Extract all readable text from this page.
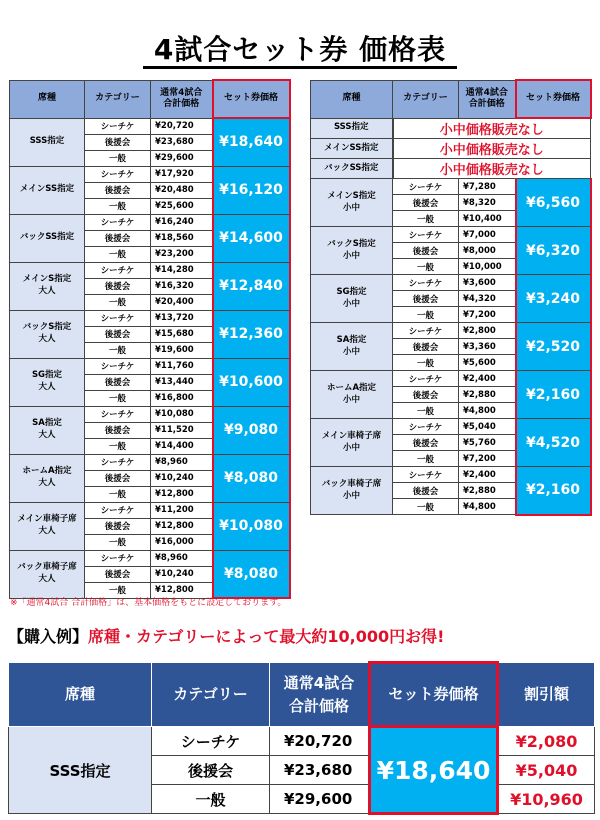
4試合セット券 価格表
席種	カテゴリー	通常4試合
合計価格	セット券価格
SSS指定	シーチケ	¥20,720	¥18,640
	後援会	¥23,680	
	一般	¥29,600	
メインSS指定	シーチケ	¥17,920	¥16,120
	後援会	¥20,480	
	一般	¥25,600	
バックSS指定	シーチケ	¥16,240	¥14,600
	後援会	¥18,560	
	一般	¥23,200	
メインS指定
大人	シーチケ	¥14,280	¥12,840
	後援会	¥16,320	
	一般	¥20,400	
バックS指定
大人	シーチケ	¥13,720	¥12,360
	後援会	¥15,680	
	一般	¥19,600	
SG指定
大人	シーチケ	¥11,760	¥10,600
	後援会	¥13,440	
	一般	¥16,800	
SA指定
大人	シーチケ	¥10,080	¥9,080
	後援会	¥11,520	
	一般	¥14,400	
ホームA指定
大人	シーチケ	¥8,960	¥8,080
	後援会	¥10,240	
	一般	¥12,800	
メイン車椅子席
大人	シーチケ	¥11,200	¥10,080
	後援会	¥12,800	
	一般	¥16,000	
バック車椅子席
大人	シーチケ	¥8,960	¥8,080
	後援会	¥10,240	
	一般	¥12,800	
席種	カテゴリー	通常4試合
合計価格	セット券価格
SSS指定	小中価格販売なし		

メインSS指定	小中価格販売なし		

バックSS指定	小中価格販売なし		

メインS指定
小中	シーチケ	¥7,280	¥6,560
	後援会	¥8,320	
	一般	¥10,400	
バックS指定
小中	シーチケ	¥7,000	¥6,320
	後援会	¥8,000	
	一般	¥10,000	
SG指定
小中	シーチケ	¥3,600	¥3,240
	後援会	¥4,320	
	一般	¥7,200	
SA指定
小中	シーチケ	¥2,800	¥2,520
	後援会	¥3,360	
	一般	¥5,600	
ホームA指定
小中	シーチケ	¥2,400	¥2,160
	後援会	¥2,880	
	一般	¥4,800	
メイン車椅子席
小中	シーチケ	¥5,040	¥4,520
	後援会	¥5,760	
	一般	¥7,200	
バック車椅子席
小中	シーチケ	¥2,400	¥2,160
	後援会	¥2,880	
	一般	¥4,800	
※「通常4試合 合計価格」は、基本価格をもとに設定しております。
【購入例】席種・カテゴリーによって最大約10,000円お得!
席種	カテゴリー	通常4試合
合計価格	セット券価格	割引額
SSS指定	シーチケ	¥20,720	¥18,640	¥2,080
	後援会	¥23,680		¥5,040
	一般	¥29,600		¥10,960
